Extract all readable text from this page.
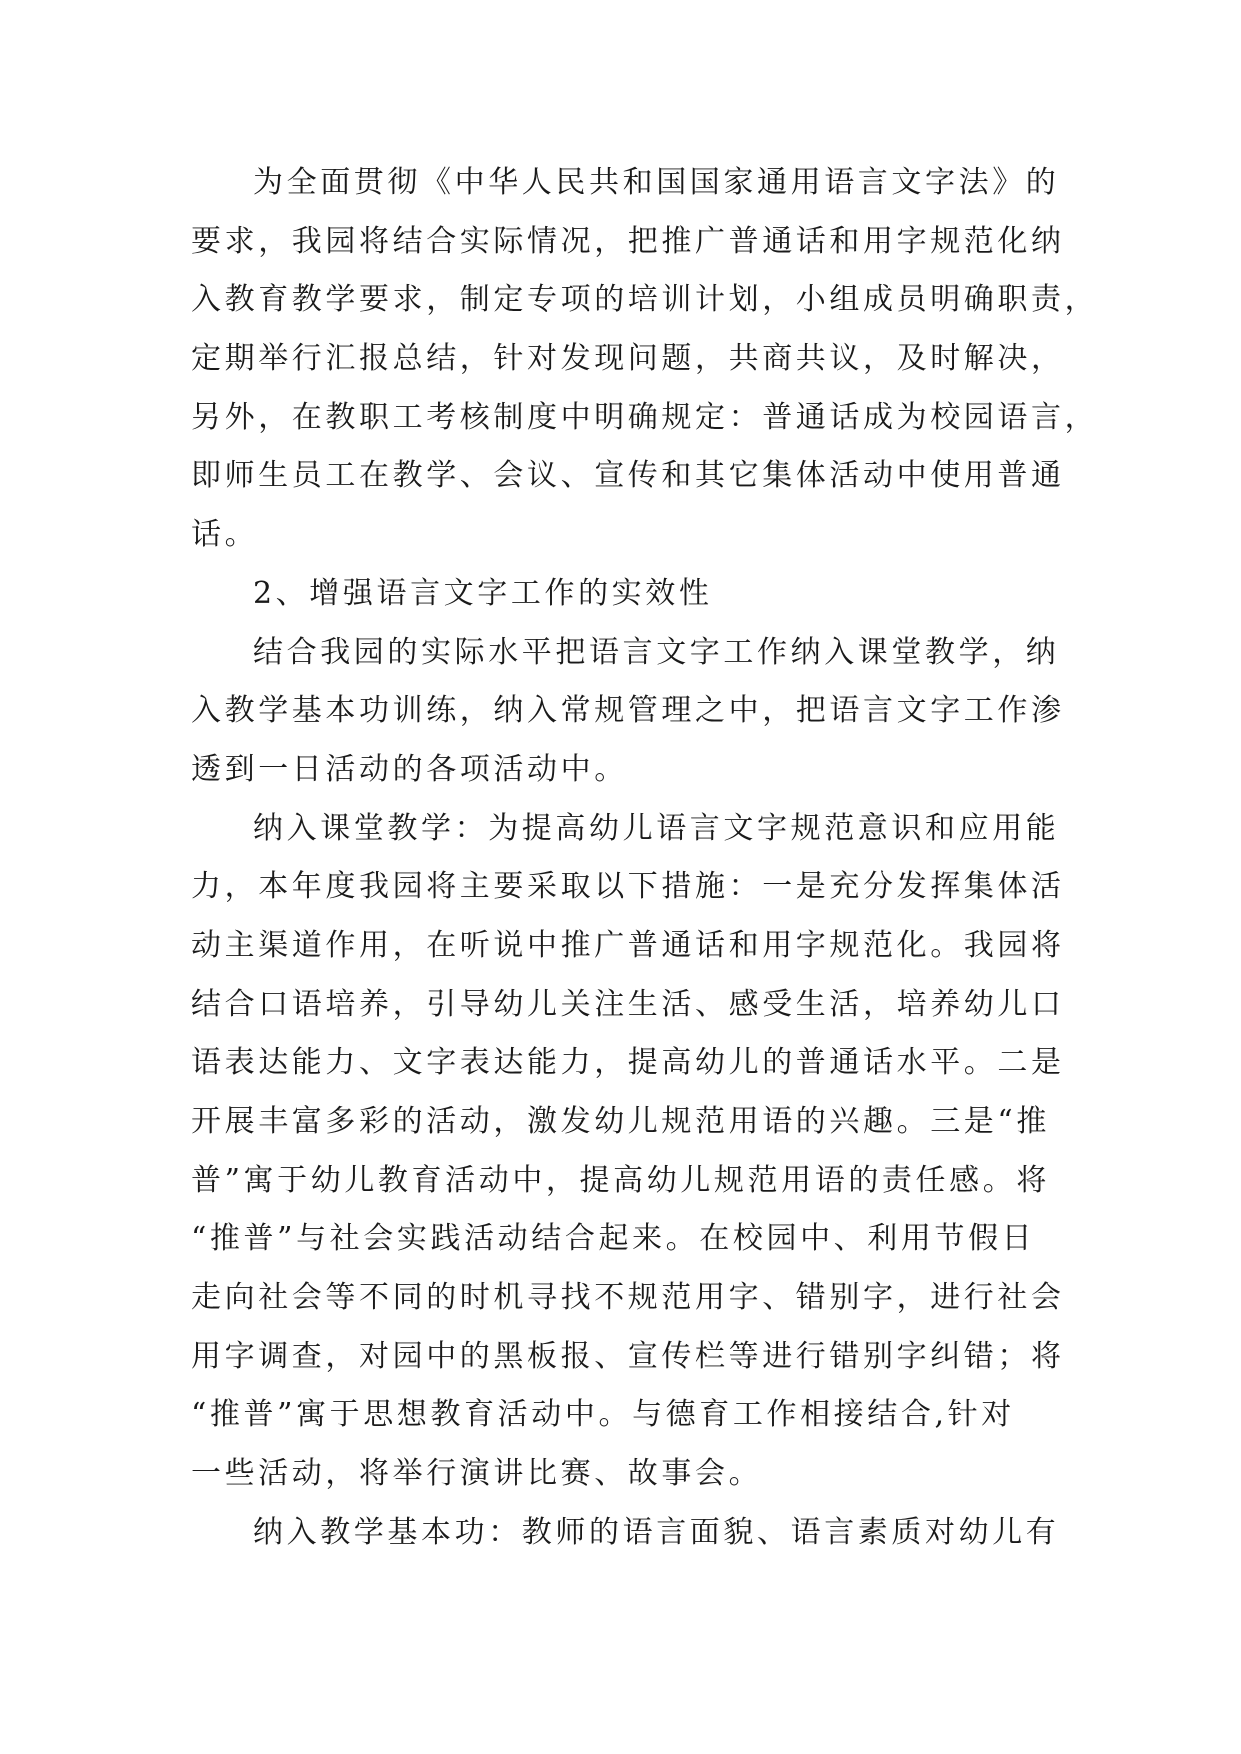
为全面贯彻《中华人民共和国国家通用语言文字法》的
要求，我园将结合实际情况，把推广普通话和用字规范化纳
入教育教学要求，制定专项的培训计划，小组成员明确职责，
定期举行汇报总结，针对发现问题，共商共议，及时解决，
另外，在教职工考核制度中明确规定：普通话成为校园语言，
即师生员工在教学、会议、宣传和其它集体活动中使用普通
话。
2、增强语言文字工作的实效性
结合我园的实际水平把语言文字工作纳入课堂教学，纳
入教学基本功训练，纳入常规管理之中，把语言文字工作渗
透到一日活动的各项活动中。
纳入课堂教学：为提高幼儿语言文字规范意识和应用能
力，本年度我园将主要采取以下措施：一是充分发挥集体活
动主渠道作用，在听说中推广普通话和用字规范化。我园将
结合口语培养，引导幼儿关注生活、感受生活，培养幼儿口
语表达能力、文字表达能力，提高幼儿的普通话水平。二是
开展丰富多彩的活动，激发幼儿规范用语的兴趣。三是“推
普”寓于幼儿教育活动中，提高幼儿规范用语的责任感。将
“推普”与社会实践活动结合起来。在校园中、利用节假日
走向社会等不同的时机寻找不规范用字、错别字，进行社会
用字调查，对园中的黑板报、宣传栏等进行错别字纠错；将
“推普”寓于思想教育活动中。与德育工作相接结合,针对
一些活动，将举行演讲比赛、故事会。
纳入教学基本功：教师的语言面貌、语言素质对幼儿有
